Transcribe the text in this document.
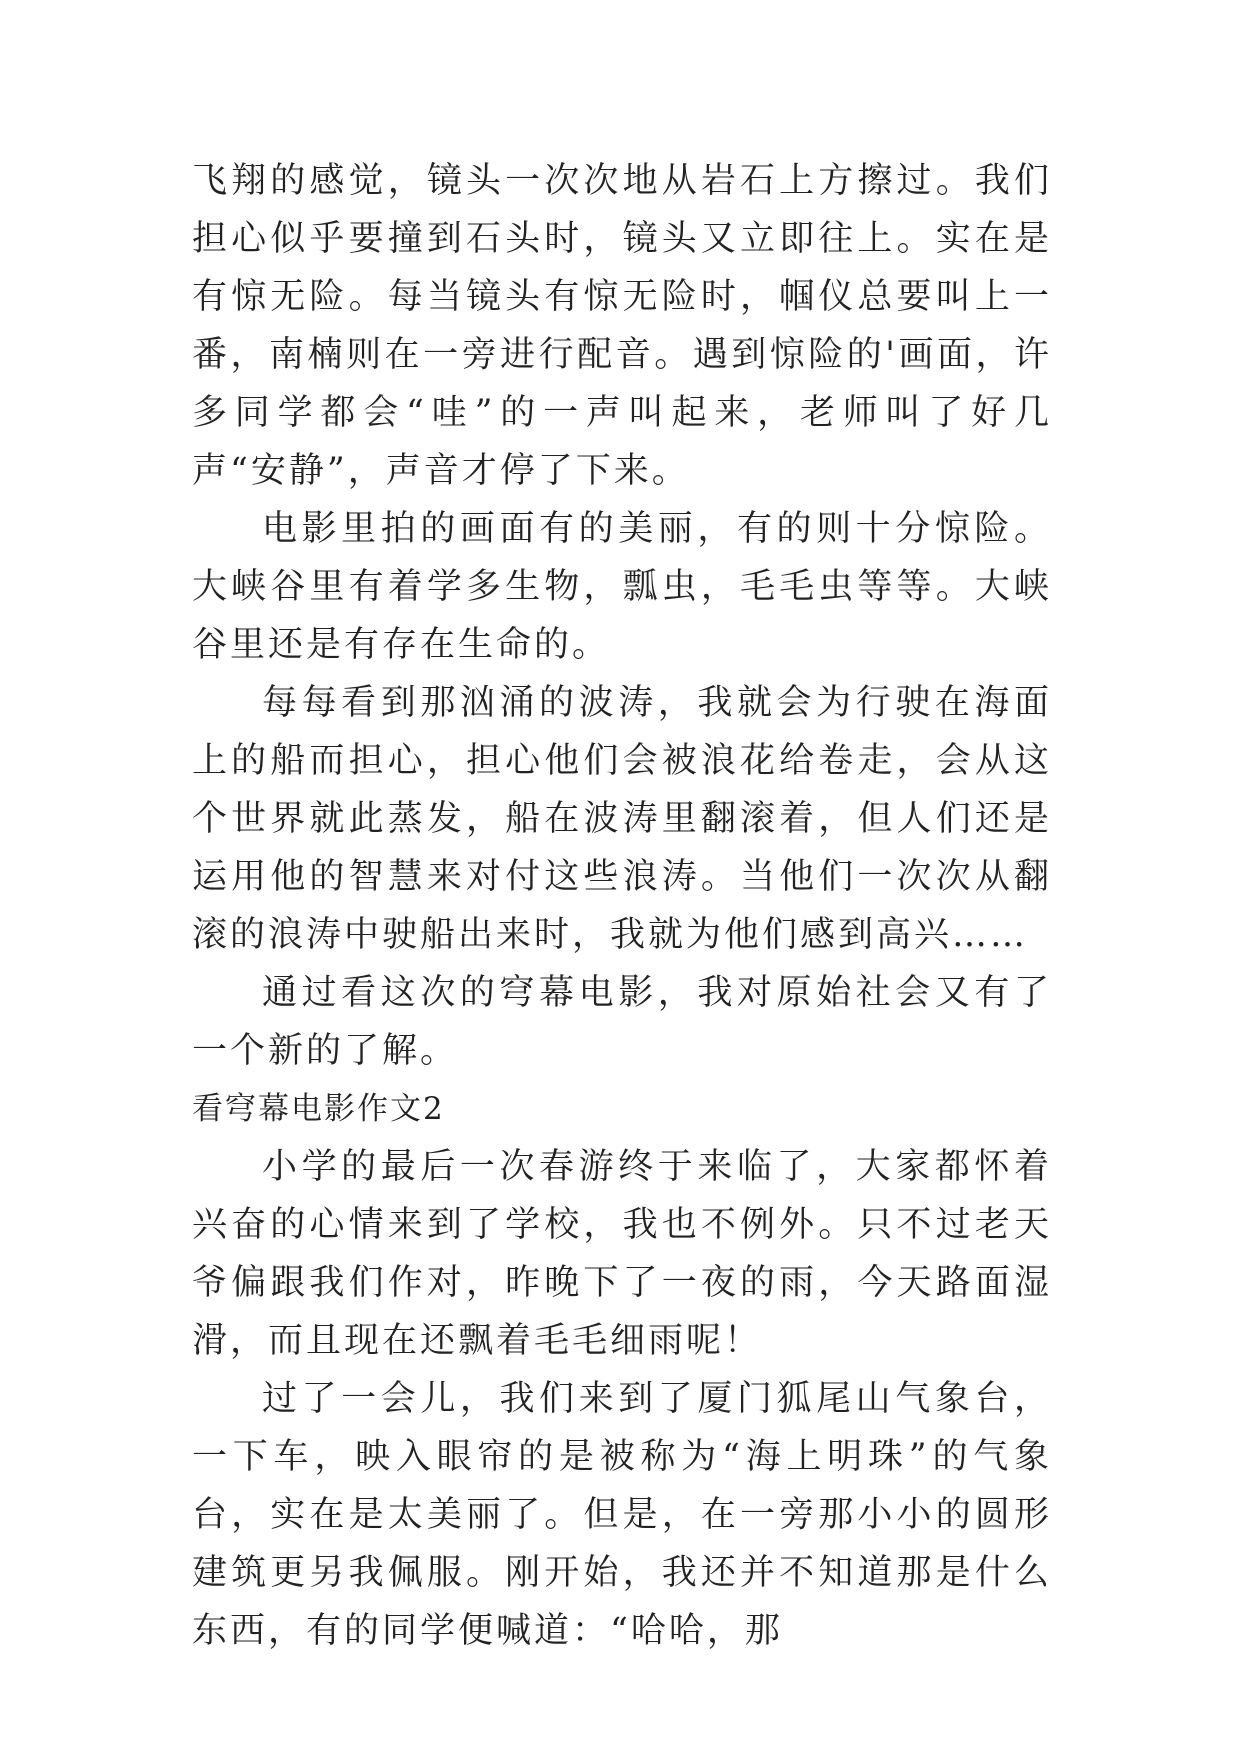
飞翔的感觉，镜头一次次地从岩石上方擦过。我们担心似乎要撞到石头时，镜头又立即往上。实在是有惊无险。每当镜头有惊无险时，帼仪总要叫上一番，南楠则在一旁进行配音。遇到惊险的'画面，许多同学都会“哇”的一声叫起来，老师叫了好几声“安静”，声音才停了下来。

电影里拍的画面有的美丽，有的则十分惊险。大峡谷里有着学多生物，瓢虫，毛毛虫等等。大峡谷里还是有存在生命的。

每每看到那汹涌的波涛，我就会为行驶在海面上的船而担心，担心他们会被浪花给卷走，会从这个世界就此蒸发，船在波涛里翻滚着，但人们还是运用他的智慧来对付这些浪涛。当他们一次次从翻滚的浪涛中驶船出来时，我就为他们感到高兴……

通过看这次的穹幕电影，我对原始社会又有了一个新的了解。

看穹幕电影作文2

小学的最后一次春游终于来临了，大家都怀着兴奋的心情来到了学校，我也不例外。只不过老天爷偏跟我们作对，昨晚下了一夜的雨，今天路面湿滑，而且现在还飘着毛毛细雨呢！

过了一会儿，我们来到了厦门狐尾山气象台，一下车，映入眼帘的是被称为“海上明珠”的气象台，实在是太美丽了。但是，在一旁那小小的圆形建筑更另我佩服。刚开始，我还并不知道那是什么东西，有的同学便喊道：“哈哈，那
